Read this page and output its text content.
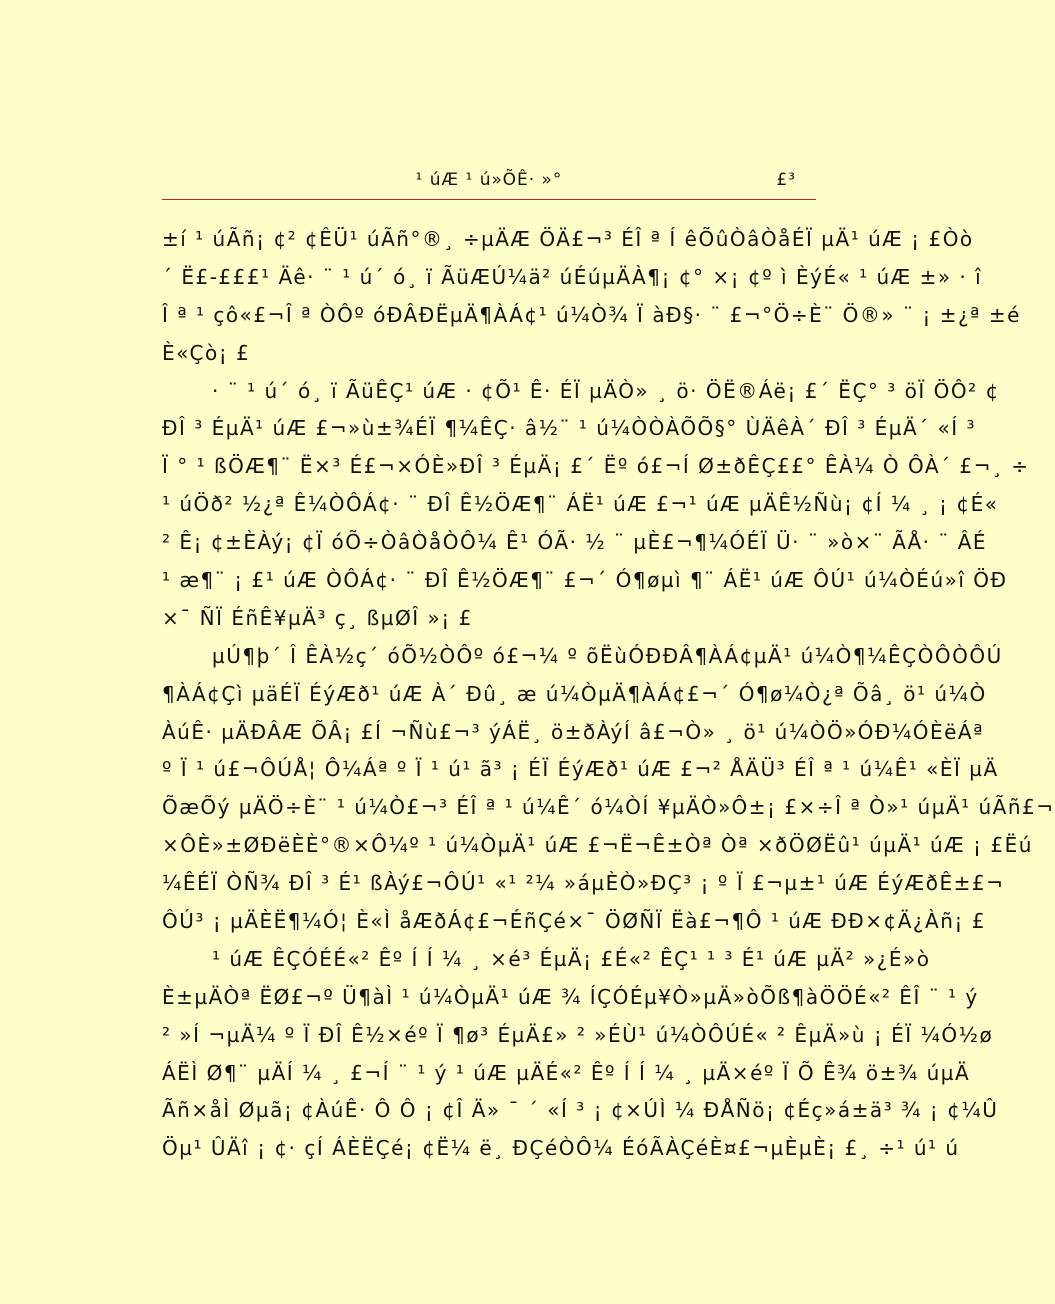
¹ úÆ ¹ ú»ÕÊ· »°	£³
±í ¹ úÃñ¡ ¢² ¢ÊÜ¹ úÃñ°®¸ ÷µÄÆ ÖÄ£¬³ ÉÎ ª Í êÕûÒâÒåÉÏ µÄ¹ úÆ ¡ £Òò
´ Ë£-£££¹ Äê· ¨ ¹ ú´ ó¸ ï ÃüÆÚ¼ä² úÉúµÄÀ¶¡ ¢° ×¡ ¢º ì ÈýÉ« ¹ úÆ ±» · î
Î ª ¹ çô«£¬Î ª ÒÔº óÐÂÐËµÄ¶ÀÁ¢¹ ú¼Ò¾ Ï àÐ§· ¨ £¬°Ö÷È¨ Ö®» ¨ ¡ ±¿ª ±é
È«Çò¡ £
· ¨ ¹ ú´ ó¸ ï ÃüÊÇ¹ úÆ · ¢Õ¹ Ê· ÉÏ µÄÒ» ¸ ö· ÖË®Áë¡ £´ ËÇ° ³ öÏ ÖÔ² ¢
ÐÎ ³ ÉµÄ¹ úÆ £¬»ù±¾ÉÏ ¶¼ÊÇ· â½¨ ¹ ú¼ÒÒÀÕÕ§° ÙÄêÀ´ ÐÎ ³ ÉµÄ´ «Í ³
Ï ° ¹ ßÖÆ¶¨ Ë×³ É£¬×ÓÈ»ÐÎ ³ ÉµÄ¡ £´ Ëº ó£¬Í Ø±ðÊÇ££° ÊÀ¼ Ò ÔÀ´ £¬¸ ÷
¹ úÖð² ½¿ª Ê¼ÒÔÁ¢· ¨ ÐÎ Ê½ÖÆ¶¨ ÁË¹ úÆ £¬¹ úÆ µÄÊ½Ñù¡ ¢Í ¼ ¸ ¡ ¢É«
² Ê¡ ¢±ÈÀý¡ ¢Ï óÕ÷ÒâÒåÒÔ¼ Ê¹ ÓÃ· ½ ¨ µÈ£¬¶¼ÓÉÏ Ü· ¨ »ò×¨ ÃÅ· ¨ ÂÉ
¹ æ¶¨ ¡ £¹ úÆ ÒÔÁ¢· ¨ ÐÎ Ê½ÖÆ¶¨ £¬´ Ó¶øµì ¶¨ ÁË¹ úÆ ÔÚ¹ ú¼ÒÉú»î ÖÐ
×¯ ÑÏ ÉñÊ¥µÄ³ ç¸ ßµØÎ »¡ £
µÚ¶þ´ Î ÊÀ½ç´ óÕ½ÒÔº ó£¬¼ º õËùÓÐÐÂ¶ÀÁ¢µÄ¹ ú¼Ò¶¼ÊÇÒÔÒÔÚ
¶ÀÁ¢Çì µäÉÏ ÉýÆð¹ úÆ À´ Ðû¸ æ ú¼ÒµÄ¶ÀÁ¢£¬´ Ó¶ø¼Ò¿ª Õâ¸ ö¹ ú¼Ò
ÀúÊ· µÄÐÂÆ ÕÂ¡ £Í ¬Ñù£¬³ ýÁË¸ ö±ðÀýÍ â£¬Ò» ¸ ö¹ ú¼ÒÖ»ÓÐ¼ÓÈëÁª
º Ï ¹ ú£¬ÔÚÅ¦ Ô¼Áª º Ï ¹ ú¹ ã³ ¡ ÉÏ ÉýÆð¹ úÆ £¬² ÅÄÜ³ ÉÎ ª ¹ ú¼Ê¹ «ÈÏ µÄ
ÕæÕý µÄÖ÷È¨ ¹ ú¼Ò£¬³ ÉÎ ª ¹ ú¼Ê´ ó¼ÒÍ ¥µÄÒ»Ô±¡ £×÷Î ª Ò»¹ úµÄ¹ úÃñ£¬
×ÔÈ»±ØÐëÈÈ°®×Ô¼º ¹ ú¼ÒµÄ¹ úÆ £¬Ë¬Ê±Òª Òª ×ðÖØËû¹ úµÄ¹ úÆ ¡ £Ëú
¼ÊÉÏ ÒÑ¾ ÐÎ ³ É¹ ßÀý£¬ÔÚ¹ «¹ ²¼ »áµÈÒ»ÐÇ³ ¡ º Ï £¬µ±¹ úÆ ÉýÆðÊ±£¬
ÔÚ³ ¡ µÄÈË¶¼Ó¦ È«Ì åÆðÁ¢£¬ÉñÇé×¯ ÖØÑÏ Ëà£¬¶Ô ¹ úÆ ÐÐ×¢Ä¿Àñ¡ £
¹ úÆ ÊÇÓÉÉ«² Êº Í Í ¼ ¸ ×é³ ÉµÄ¡ £É«² ÊÇ¹ ¹ ³ É¹ úÆ µÄ² »¿É»ò
È±µÄÒª ËØ£¬º Ü¶àÌ ¹ ú¼ÒµÄ¹ úÆ ¾ ÍÇÓÉµ¥Ò»µÄ»òÕß¶àÖÖÉ«² ÊÎ ¨ ¹ ý
² »Í ¬µÄ¼ º Ï ÐÎ Ê½×éº Ï ¶ø³ ÉµÄ£» ² »ÉÙ¹ ú¼ÒÔÚÉ« ² ÊµÄ»ù ¡ ÉÏ ¼Ó½ø
ÁËÌ Ø¶¨ µÄÍ ¼ ¸ £¬Í ¨ ¹ ý ¹ úÆ µÄÉ«² Êº Í Í ¼ ¸ µÄ×éº Ï Õ Ê¾ ö±¾ úµÄ
Ãñ×åÌ Øµã¡ ¢ÀúÊ· Ô Ô ¡ ¢Î Ä» ¯ ´ «Í ³ ¡ ¢×ÚÌ ¼ ÐÅÑö¡ ¢Éç»á±ä³ ¾ ¡ ¢¼Û
Öµ¹ ÛÄî ¡ ¢· çÍ ÁÈËÇé¡ ¢Ë¼ ë¸ ÐÇéÒÔ¼ ÉóÃÀÇéÈ¤£¬µÈµÈ¡ £¸ ÷¹ ú¹ ú
